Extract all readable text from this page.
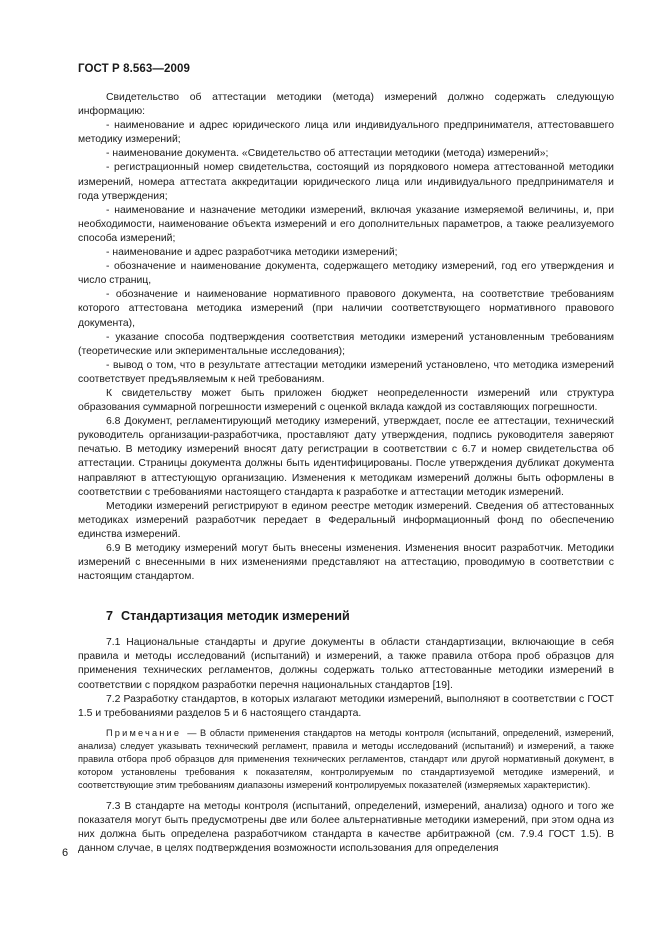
ГОСТ Р 8.563—2009

Свидетельство об аттестации методики (метода) измерений должно содержать следующую информацию:

- наименование и адрес юридического лица или индивидуального предпринимателя, аттестовавшего методику измерений;

- наименование документа. «Свидетельство об аттестации методики (метода) измерений»;

- регистрационный номер свидетельства, состоящий из порядкового номера аттестованной методики измерений, номера аттестата аккредитации юридического лица или индивидуального предпринимателя и года утверждения;

- наименование и назначение методики измерений, включая указание измеряемой величины, и, при необходимости, наименование объекта измерений и его дополнительных параметров, а также реализуемого способа измерений;

- наименование и адрес разработчика методики измерений;

- обозначение и наименование документа, содержащего методику измерений, год его утверждения и число страниц,

- обозначение и наименование нормативного правового документа, на соответствие требованиям которого аттестована методика измерений (при наличии соответствующего нормативного правового документа),

- указание способа подтверждения соответствия методики измерений установленным требованиям (теоретические или экпериментальные исследования);

- вывод о том, что в результате аттестации методики измерений установлено, что методика измерений соответствует предъявляемым к ней требованиям.

К свидетельству может быть приложен бюджет неопределенности измерений или структура образования суммарной погрешности измерений с оценкой вклада каждой из составляющих погрешности.

6.8 Документ, регламентирующий методику измерений, утверждает, после ее аттестации, технический руководитель организации-разработчика, проставляют дату утверждения, подпись руководителя заверяют печатью. В методику измерений вносят дату регистрации в соответствии с 6.7 и номер свидетельства об аттестации. Страницы документа должны быть идентифицированы. После утверждения дубликат документа направляют в аттестующую организацию. Изменения к методикам измерений должны быть оформлены в соответствии с требованиями настоящего стандарта к разработке и аттестации методик измерений.

Методики измерений регистрируют в едином реестре методик измерений. Сведения об аттестованных методиках измерений разработчик передает в Федеральный информационный фонд по обеспечению единства измерений.

6.9 В методику измерений могут быть внесены изменения. Изменения вносит разработчик. Методики измерений с внесенными в них изменениями представляют на аттестацию, проводимую в соответствии с настоящим стандартом.

7 Стандартизация методик измерений

7.1 Национальные стандарты и другие документы в области стандартизации, включающие в себя правила и методы исследований (испытаний) и измерений, а также правила отбора проб образцов для применения технических регламентов, должны содержать только аттестованные методики измерений в соответствии с порядком разработки перечня национальных стандартов [19].

7.2 Разработку стандартов, в которых излагают методики измерений, выполняют в соответствии с ГОСТ 1.5 и требованиями разделов 5 и 6 настоящего стандарта.

Примечание — В области применения стандартов на методы контроля (испытаний, определений, измерений, анализа) следует указывать технический регламент, правила и методы исследований (испытаний) и измерений, а также правила отбора проб образцов для применения технических регламентов, стандарт или другой нормативный документ, в котором установлены требования к показателям, контролируемым по стандартизуемой методике измерений, и соответствующие этим требованиям диапазоны измерений контролируемых показателей (измеряемых характеристик).

7.3 В стандарте на методы контроля (испытаний, определений, измерений, анализа) одного и того же показателя могут быть предусмотрены две или более альтернативные методики измерений, при этом одна из них должна быть определена разработчиком стандарта в качестве арбитражной (см. 7.9.4 ГОСТ 1.5). В данном случае, в целях подтверждения возможности использования для определения

6
